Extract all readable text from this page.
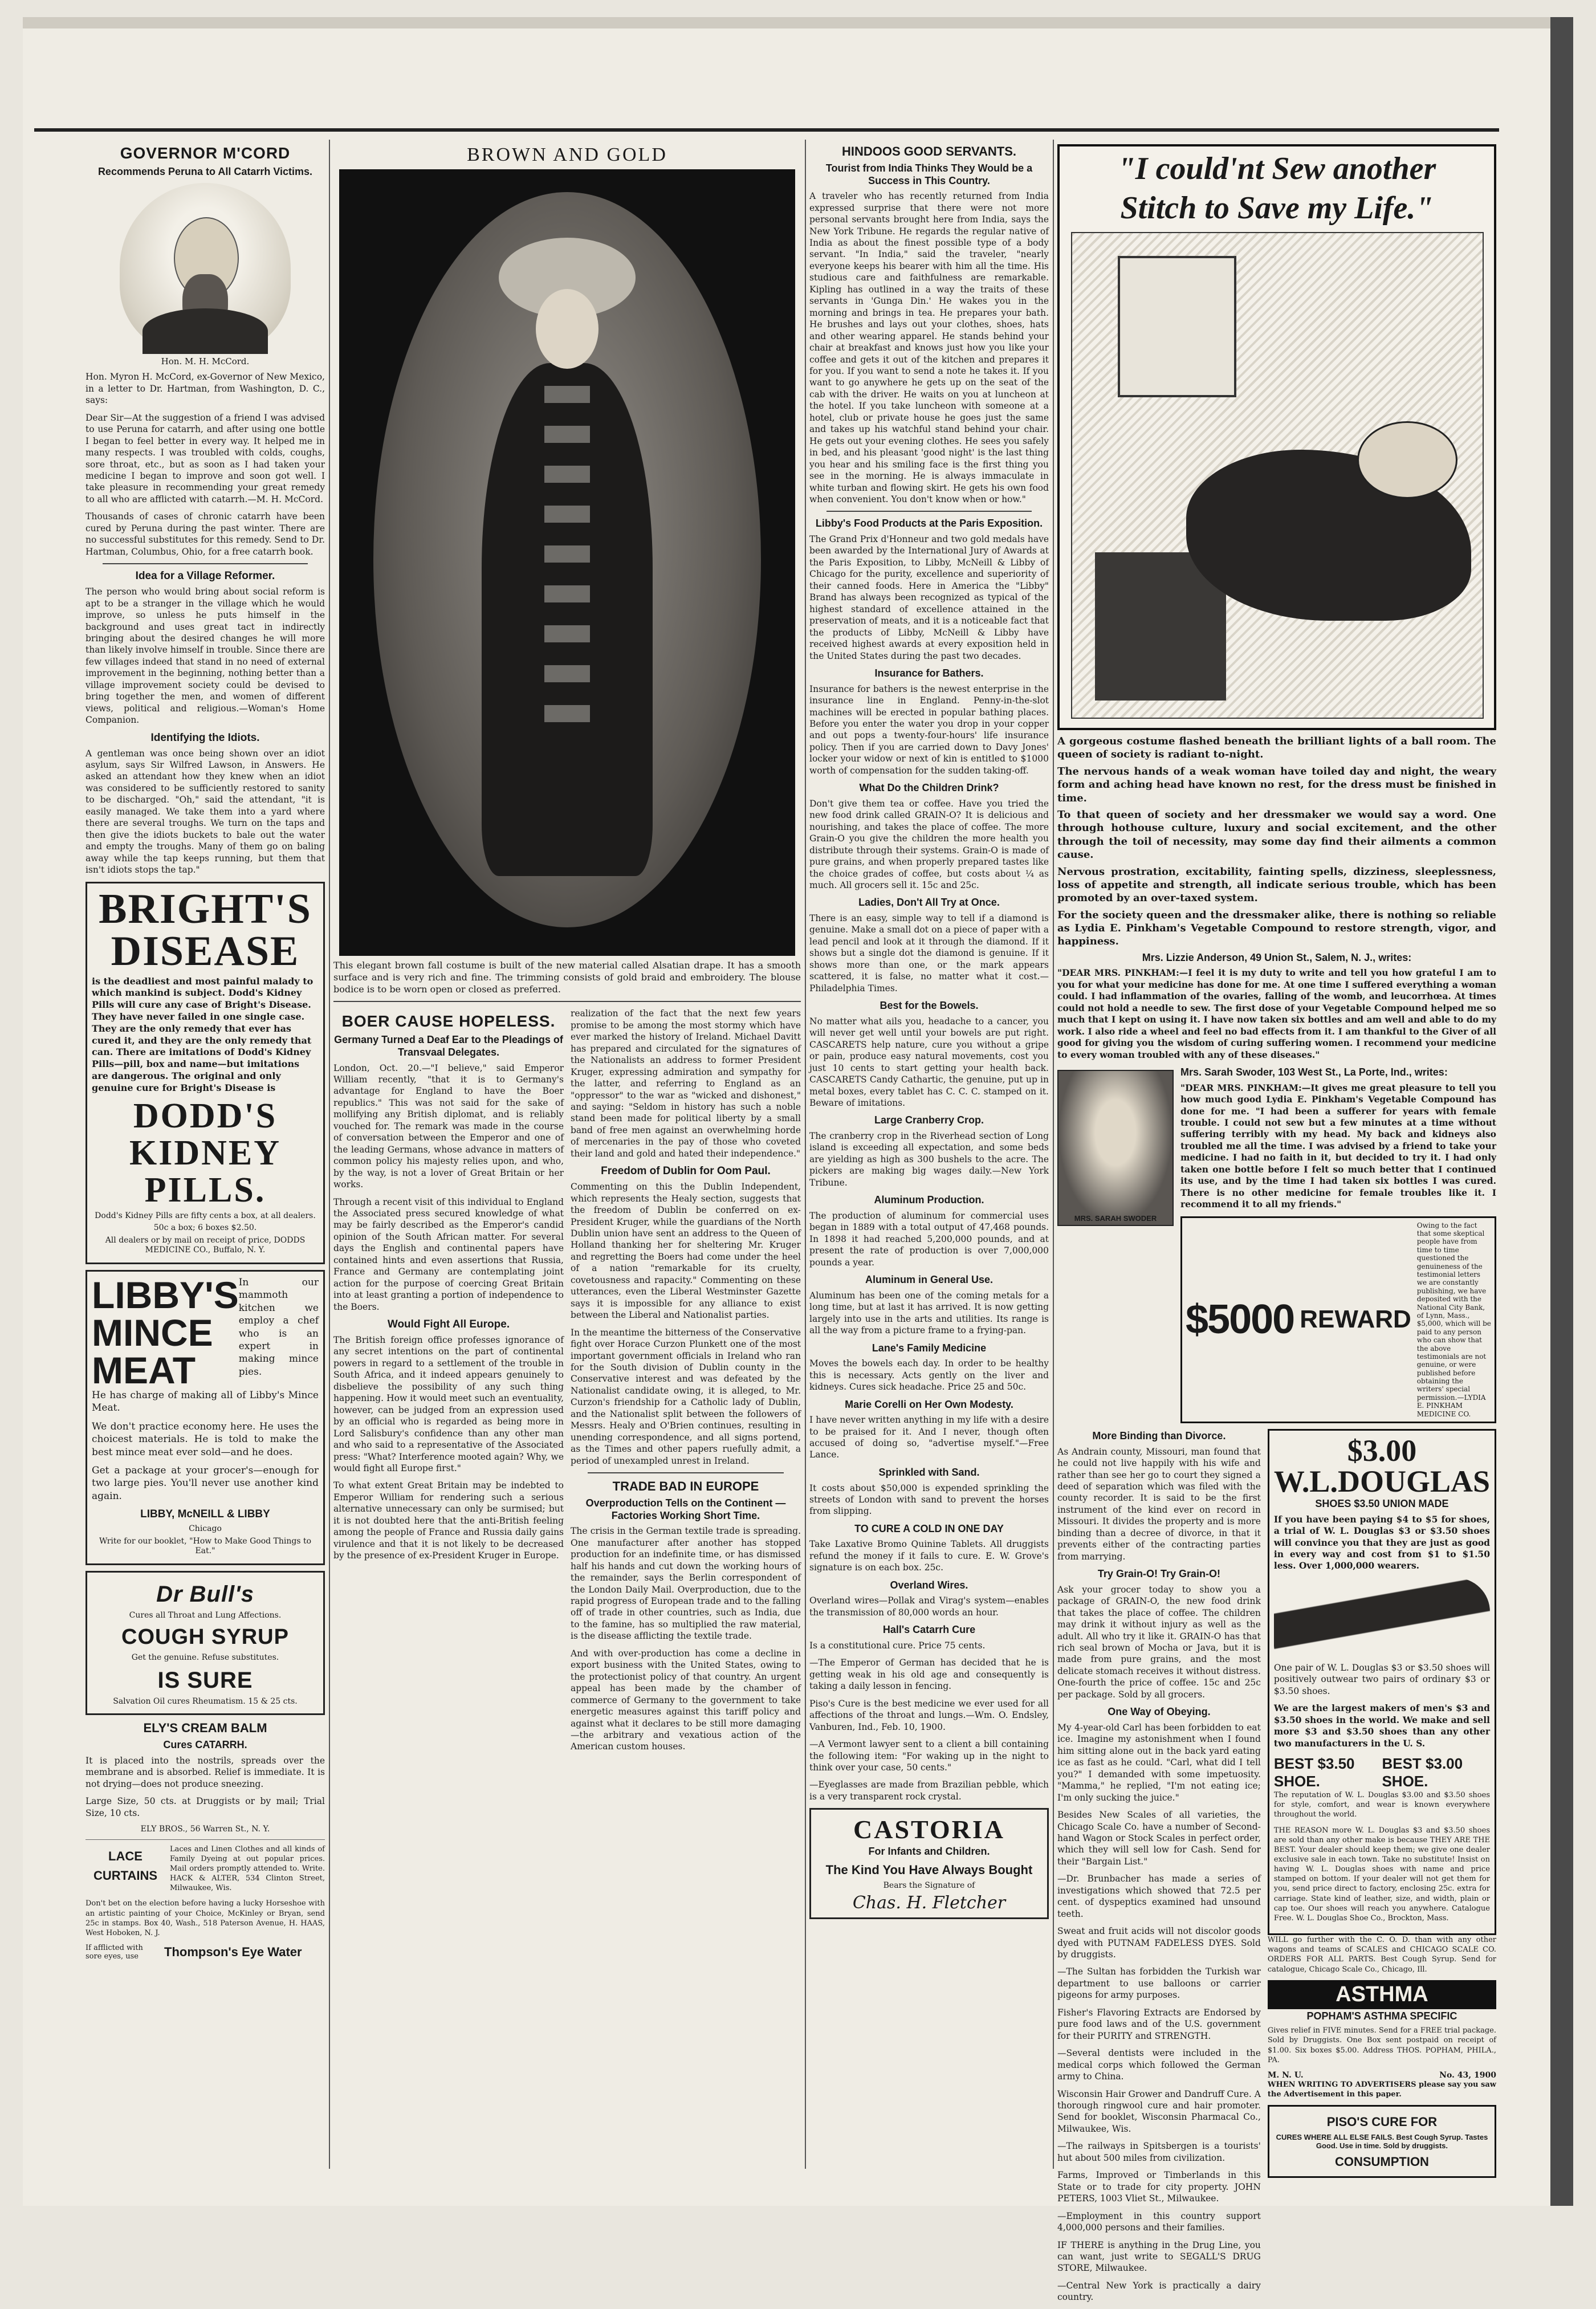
GOVERNOR M'CORD
Recommends Peruna to All Catarrh Victims.
Hon. M. H. McCord.

Hon. Myron H. McCord, ex-Governor of New Mexico, in a letter to Dr. Hartman, from Washington, D. C., says:

Dear Sir—At the suggestion of a friend I was advised to use Peruna for catarrh, and after using one bottle I began to feel better in every way. It helped me in many respects. I was troubled with colds, coughs, sore throat, etc., but as soon as I had taken your medicine I began to improve and soon got well. I take pleasure in recommending your great remedy to all who are afflicted with catarrh.—M. H. McCord.

Thousands of cases of chronic catarrh have been cured by Peruna during the past winter. There are no successful substitutes for this remedy. Send to Dr. Hartman, Columbus, Ohio, for a free catarrh book.

Idea for a Village Reformer.

The person who would bring about social reform is apt to be a stranger in the village which he would improve, so unless he puts himself in the background and uses great tact in indirectly bringing about the desired changes he will more than likely involve himself in trouble. Since there are few villages indeed that stand in no need of external improvement in the beginning, nothing better than a village improvement society could be devised to bring together the men, and women of different views, political and religious.—Woman's Home Companion.

Identifying the Idiots.

A gentleman was once being shown over an idiot asylum, says Sir Wilfred Lawson, in Answers. He asked an attendant how they knew when an idiot was considered to be sufficiently restored to sanity to be discharged. "Oh," said the attendant, "it is easily managed. We take them into a yard where there are several troughs. We turn on the taps and then give the idiots buckets to bale out the water and empty the troughs. Many of them go on baling away while the tap keeps running, but them that isn't idiots stops the tap."

BRIGHT'S
DISEASE

is the deadliest and most painful malady to which mankind is subject. Dodd's Kidney Pills will cure any case of Bright's Disease. They have never failed in one single case. They are the only remedy that ever has cured it, and they are the only remedy that can. There are imitations of Dodd's Kidney Pills—pill, box and name—but imitations are dangerous. The original and only genuine cure for Bright's Disease is

DODD'S
KIDNEY
PILLS.
Dodd's Kidney Pills are fifty cents a box, at all dealers.
50c a box; 6 boxes $2.50.
All dealers or by mail on receipt of price, DODDS MEDICINE CO., Buffalo, N. Y.
LIBBY'S
MINCE
MEAT

In our mammoth kitchen we employ a chef who is an expert in making mince pies.

He has charge of making all of Libby's Mince Meat.

We don't practice economy here. He uses the choicest materials. He is told to make the best mince meat ever sold—and he does.

Get a package at your grocer's—enough for two large pies. You'll never use another kind again.

LIBBY, McNEILL & LIBBY
Chicago
Write for our booklet, "How to Make Good Things to Eat."
Dr Bull's
Cures all Throat and Lung Affections.
COUGH SYRUP
Get the genuine. Refuse substitutes.
IS SURE
Salvation Oil cures Rheumatism. 15 & 25 cts.
ELY'S CREAM BALM
Cures CATARRH.

It is placed into the nostrils, spreads over the membrane and is absorbed. Relief is immediate. It is not drying—does not produce sneezing.

Large Size, 50 cts. at Druggists or by mail; Trial Size, 10 cts.

ELY BROS., 56 Warren St., N. Y.
LACE
CURTAINS

Laces and Linen Clothes and all kinds of Family Dyeing at out popular prices. Mail orders promptly attended to. Write. HACK & ALTER, 534 Clinton Street, Milwaukee, Wis.

Don't bet on the election before having a lucky Horseshoe with an artistic painting of your Choice, McKinley or Bryan, send 25c in stamps. Box 40, Wash., 518 Paterson Avenue, H. HAAS, West Hoboken, N. J.

If afflicted with sore eyes, use	Thompson's Eye Water
BROWN AND GOLD

This elegant brown fall costume is built of the new material called Alsatian drape. It has a smooth surface and is very rich and fine. The trimming consists of gold braid and embroidery. The blouse bodice is to be worn open or closed as preferred.

BOER CAUSE HOPELESS.
Germany Turned a Deaf Ear to the Pleadings of Transvaal Delegates.

London, Oct. 20.—"I believe," said Emperor William recently, "that it is to Germany's advantage for England to have the Boer republics." This was not said for the sake of mollifying any British diplomat, and is reliably vouched for. The remark was made in the course of conversation between the Emperor and one of the leading Germans, whose advance in matters of common policy his majesty relies upon, and who, by the way, is not a lover of Great Britain or her works.

Through a recent visit of this individual to England the Associated press secured knowledge of what may be fairly described as the Emperor's candid opinion of the South African matter. For several days the English and continental papers have contained hints and even assertions that Russia, France and Germany are contemplating joint action for the purpose of coercing Great Britain into at least granting a portion of independence to the Boers.

Would Fight All Europe.

The British foreign office professes ignorance of any secret intentions on the part of continental powers in regard to a settlement of the trouble in South Africa, and it indeed appears genuinely to disbelieve the possibility of any such thing happening. How it would meet such an eventuality, however, can be judged from an expression used by an official who is regarded as being more in Lord Salisbury's confidence than any other man and who said to a representative of the Associated press: "What? Interference mooted again? Why, we would fight all Europe first."

To what extent Great Britain may be indebted to Emperor William for rendering such a serious alternative unnecessary can only be surmised; but it is not doubted here that the anti-British feeling among the people of France and Russia daily gains virulence and that it is not likely to be decreased by the presence of ex-President Kruger in Europe.

realization of the fact that the next few years promise to be among the most stormy which have ever marked the history of Ireland. Michael Davitt has prepared and circulated for the signatures of the Nationalists an address to former President Kruger, expressing admiration and sympathy for the latter, and referring to England as an "oppressor" to the war as "wicked and dishonest," and saying: "Seldom in history has such a noble stand been made for political liberty by a small band of free men against an overwhelming horde of mercenaries in the pay of those who coveted their land and gold and hated their independence."

Freedom of Dublin for Oom Paul.

Commenting on this the Dublin Independent, which represents the Healy section, suggests that the freedom of Dublin be conferred on ex-President Kruger, while the guardians of the North Dublin union have sent an address to the Queen of Holland thanking her for sheltering Mr. Kruger and regretting the Boers had come under the heel of a nation "remarkable for its cruelty, covetousness and rapacity." Commenting on these utterances, even the Liberal Westminster Gazette says it is impossible for any alliance to exist between the Liberal and Nationalist parties.

In the meantime the bitterness of the Conservative fight over Horace Curzon Plunkett one of the most important government officials in Ireland who ran for the South division of Dublin county in the Conservative interest and was defeated by the Nationalist candidate owing, it is alleged, to Mr. Curzon's friendship for a Catholic lady of Dublin, and the Nationalist split between the followers of Messrs. Healy and O'Brien continues, resulting in unending correspondence, and all signs portend, as the Times and other papers ruefully admit, a period of unexampled unrest in Ireland.

TRADE BAD IN EUROPE
Overproduction Tells on the Continent —Factories Working Short Time.

The crisis in the German textile trade is spreading. One manufacturer after another has stopped production for an indefinite time, or has dismissed half his hands and cut down the working hours of the remainder, says the Berlin correspondent of the London Daily Mail. Overproduction, due to the rapid progress of European trade and to the falling off of trade in other countries, such as India, due to the famine, has so multiplied the raw material, is the disease afflicting the textile trade.

And with over-production has come a decline in export business with the United States, owing to the protectionist policy of that country. An urgent appeal has been made by the chamber of commerce of Germany to the government to take energetic measures against this tariff policy and against what it declares to be still more damaging—the arbitrary and vexatious action of the American custom houses.

HINDOOS GOOD SERVANTS.
Tourist from India Thinks They Would be a Success in This Country.

A traveler who has recently returned from India expressed surprise that there were not more personal servants brought here from India, says the New York Tribune. He regards the regular native of India as about the finest possible type of a body servant. "In India," said the traveler, "nearly everyone keeps his bearer with him all the time. His studious care and faithfulness are remarkable. Kipling has outlined in a way the traits of these servants in 'Gunga Din.' He wakes you in the morning and brings in tea. He prepares your bath. He brushes and lays out your clothes, shoes, hats and other wearing apparel. He stands behind your chair at breakfast and knows just how you like your coffee and gets it out of the kitchen and prepares it for you. If you want to send a note he takes it. If you want to go anywhere he gets up on the seat of the cab with the driver. He waits on you at luncheon at the hotel. If you take luncheon with someone at a hotel, club or private house he goes just the same and takes up his watchful stand behind your chair. He gets out your evening clothes. He sees you safely in bed, and his pleasant 'good night' is the last thing you hear and his smiling face is the first thing you see in the morning. He is always immaculate in white turban and flowing skirt. He gets his own food when convenient. You don't know when or how."

Libby's Food Products at the Paris Exposition.

The Grand Prix d'Honneur and two gold medals have been awarded by the International Jury of Awards at the Paris Exposition, to Libby, McNeill & Libby of Chicago for the purity, excellence and superiority of their canned foods. Here in America the "Libby" Brand has always been recognized as typical of the highest standard of excellence attained in the preservation of meats, and it is a noticeable fact that the products of Libby, McNeill & Libby have received highest awards at every exposition held in the United States during the past two decades.

Insurance for Bathers.

Insurance for bathers is the newest enterprise in the insurance line in England. Penny-in-the-slot machines will be erected in popular bathing places. Before you enter the water you drop in your copper and out pops a twenty-four-hours' life insurance policy. Then if you are carried down to Davy Jones' locker your widow or next of kin is entitled to $1000 worth of compensation for the sudden taking-off.

What Do the Children Drink?

Don't give them tea or coffee. Have you tried the new food drink called GRAIN-O? It is delicious and nourishing, and takes the place of coffee. The more Grain-O you give the children the more health you distribute through their systems. Grain-O is made of pure grains, and when properly prepared tastes like the choice grades of coffee, but costs about ¼ as much. All grocers sell it. 15c and 25c.

Ladies, Don't All Try at Once.

There is an easy, simple way to tell if a diamond is genuine. Make a small dot on a piece of paper with a lead pencil and look at it through the diamond. If it shows but a single dot the diamond is genuine. If it shows more than one, or the mark appears scattered, it is false, no matter what it cost.—Philadelphia Times.

Best for the Bowels.

No matter what ails you, headache to a cancer, you will never get well until your bowels are put right. CASCARETS help nature, cure you without a gripe or pain, produce easy natural movements, cost you just 10 cents to start getting your health back. CASCARETS Candy Cathartic, the genuine, put up in metal boxes, every tablet has C. C. C. stamped on it. Beware of imitations.

Large Cranberry Crop.

The cranberry crop in the Riverhead section of Long island is exceeding all expectation, and some beds are yielding as high as 300 bushels to the acre. The pickers are making big wages daily.—New York Tribune.

Aluminum Production.

The production of aluminum for commercial uses began in 1889 with a total output of 47,468 pounds. In 1898 it had reached 5,200,000 pounds, and at present the rate of production is over 7,000,000 pounds a year.

Aluminum in General Use.

Aluminum has been one of the coming metals for a long time, but at last it has arrived. It is now getting largely into use in the arts and utilities. Its range is all the way from a picture frame to a frying-pan.

Lane's Family Medicine

Moves the bowels each day. In order to be healthy this is necessary. Acts gently on the liver and kidneys. Cures sick headache. Price 25 and 50c.

Marie Corelli on Her Own Modesty.

I have never written anything in my life with a desire to be praised for it. And I never, though often accused of doing so, "advertise myself."—Free Lance.

Sprinkled with Sand.

It costs about $50,000 is expended sprinkling the streets of London with sand to prevent the horses from slipping.

TO CURE A COLD IN ONE DAY

Take Laxative Bromo Quinine Tablets. All druggists refund the money if it fails to cure. E. W. Grove's signature is on each box. 25c.

Overland Wires.

Overland wires—Pollak and Virag's system—enables the transmission of 80,000 words an hour.

Hall's Catarrh Cure

Is a constitutional cure. Price 75 cents.

—The Emperor of German has decided that he is getting weak in his old age and consequently is taking a daily lesson in fencing.

Piso's Cure is the best medicine we ever used for all affections of the throat and lungs.—Wm. O. Endsley, Vanburen, Ind., Feb. 10, 1900.

—A Vermont lawyer sent to a client a bill containing the following item: "For waking up in the night to think over your case, 50 cents."

—Eyeglasses are made from Brazilian pebble, which is a very transparent rock crystal.

CASTORIA
For Infants and Children.
The Kind You Have Always Bought
Bears the Signature of
Chas. H. Fletcher
"I could'nt Sew another
Stitch to Save my Life."

A gorgeous costume flashed beneath the brilliant lights of a ball room. The queen of society is radiant to-night.

The nervous hands of a weak woman have toiled day and night, the weary form and aching head have known no rest, for the dress must be finished in time.

To that queen of society and her dressmaker we would say a word. One through hothouse culture, luxury and social excitement, and the other through the toil of necessity, may some day find their ailments a common cause.

Nervous prostration, excitability, fainting spells, dizziness, sleeplessness, loss of appetite and strength, all indicate serious trouble, which has been promoted by an over-taxed system.

For the society queen and the dressmaker alike, there is nothing so reliable as Lydia E. Pinkham's Vegetable Compound to restore strength, vigor, and happiness.

Mrs. Lizzie Anderson, 49 Union St., Salem, N. J., writes:

"DEAR MRS. PINKHAM:—I feel it is my duty to write and tell you how grateful I am to you for what your medicine has done for me. At one time I suffered everything a woman could. I had inflammation of the ovaries, falling of the womb, and leucorrhœa. At times could not hold a needle to sew. The first dose of your Vegetable Compound helped me so much that I kept on using it. I have now taken six bottles and am well and able to do my work. I also ride a wheel and feel no bad effects from it. I am thankful to the Giver of all good for giving you the wisdom of curing suffering women. I recommend your medicine to every woman troubled with any of these diseases."

MRS. SARAH SWODER
Mrs. Sarah Swoder, 103 West St., La Porte, Ind., writes:

"DEAR MRS. PINKHAM:—It gives me great pleasure to tell you how much good Lydia E. Pinkham's Vegetable Compound has done for me. "I had been a sufferer for years with female trouble. I could not sew but a few minutes at a time without suffering terribly with my head. My back and kidneys also troubled me all the time. I was advised by a friend to take your medicine. I had no faith in it, but decided to try it. I had only taken one bottle before I felt so much better that I continued its use, and by the time I had taken six bottles I was cured. There is no other medicine for female troubles like it. I recommend it to all my friends."

$5000 REWARD
Owing to the fact that some skeptical people have from time to time questioned the genuineness of the testimonial letters we are constantly publishing, we have deposited with the National City Bank, of Lynn, Mass., $5,000, which will be paid to any person who can show that the above testimonials are not genuine, or were published before obtaining the writers' special permission.—LYDIA E. PINKHAM MEDICINE CO.
More Binding than Divorce.

As Andrain county, Missouri, man found that he could not live happily with his wife and rather than see her go to court they signed a deed of separation which was filed with the county recorder. It is said to be the first instrument of the kind ever on record in Missouri. It divides the property and is more binding than a decree of divorce, in that it prevents either of the contracting parties from marrying.

Try Grain-O! Try Grain-O!

Ask your grocer today to show you a package of GRAIN-O, the new food drink that takes the place of coffee. The children may drink it without injury as well as the adult. All who try it like it. GRAIN-O has that rich seal brown of Mocha or Java, but it is made from pure grains, and the most delicate stomach receives it without distress. One-fourth the price of coffee. 15c and 25c per package. Sold by all grocers.

One Way of Obeying.

My 4-year-old Carl has been forbidden to eat ice. Imagine my astonishment when I found him sitting alone out in the back yard eating ice as fast as he could. "Carl, what did I tell you?" I demanded with some impetuosity. "Mamma," he replied, "I'm not eating ice; I'm only sucking the juice."

Besides New Scales of all varieties, the Chicago Scale Co. have a number of Second-hand Wagon or Stock Scales in perfect order, which they will sell low for Cash. Send for their "Bargain List."

—Dr. Brunbacher has made a series of investigations which showed that 72.5 per cent. of dyspeptics examined had unsound teeth.

Sweat and fruit acids will not discolor goods dyed with PUTNAM FADELESS DYES. Sold by druggists.

—The Sultan has forbidden the Turkish war department to use balloons or carrier pigeons for army purposes.

Fisher's Flavoring Extracts are Endorsed by pure food laws and of the U.S. government for their PURITY and STRENGTH.

—Several dentists were included in the medical corps which followed the German army to China.

Wisconsin Hair Grower and Dandruff Cure. A thorough ringwool cure and hair promoter. Send for booklet, Wisconsin Pharmacal Co., Milwaukee, Wis.

—The railways in Spitsbergen is a tourists' hut about 500 miles from civilization.

Farms, Improved or Timberlands in this State or to trade for city property. JOHN PETERS, 1003 Vliet St., Milwaukee.

—Employment in this country support 4,000,000 persons and their families.

IF THERE is anything in the Drug Line, you can want, just write to SEGALL'S DRUG STORE, Milwaukee.

—Central New York is practically a dairy country.

$3.00 W.L.DOUGLAS
SHOES $3.50 UNION MADE

If you have been paying $4 to $5 for shoes, a trial of W. L. Douglas $3 or $3.50 shoes will convince you that they are just as good in every way and cost from $1 to $1.50 less. Over 1,000,000 wearers.

One pair of W. L. Douglas $3 or $3.50 shoes will positively outwear two pairs of ordinary $3 or $3.50 shoes.

We are the largest makers of men's $3 and $3.50 shoes in the world. We make and sell more $3 and $3.50 shoes than any other two manufacturers in the U. S.

BEST $3.50 SHOE.
BEST $3.00 SHOE.

The reputation of W. L. Douglas $3.00 and $3.50 shoes for style, comfort, and wear is known everywhere throughout the world.

THE REASON more W. L. Douglas $3 and $3.50 shoes are sold than any other make is because THEY ARE THE BEST. Your dealer should keep them; we give one dealer exclusive sale in each town. Take no substitute! Insist on having W. L. Douglas shoes with name and price stamped on bottom. If your dealer will not get them for you, send price direct to factory, enclosing 25c. extra for carriage. State kind of leather, size, and width, plain or cap toe. Our shoes will reach you anywhere. Catalogue Free. W. L. Douglas Shoe Co., Brockton, Mass.

WILL go further with the C. O. D. than with any other wagons and teams of SCALES and CHICAGO SCALE CO. ORDERS FOR ALL PARTS. Best Cough Syrup. Send for catalogue, Chicago Scale Co., Chicago, Ill.

ASTHMA
POPHAM'S ASTHMA SPECIFIC

Gives relief in FIVE minutes. Send for a FREE trial package. Sold by Druggists. One Box sent postpaid on receipt of $1.00. Six boxes $5.00. Address THOS. POPHAM, PHILA., PA.

M. N. U.	No. 43, 1900

WHEN WRITING TO ADVERTISERS please say you saw the Advertisement in this paper.

PISO'S CURE FOR
CURES WHERE ALL ELSE FAILS. Best Cough Syrup. Tastes Good. Use in time. Sold by druggists.
CONSUMPTION
